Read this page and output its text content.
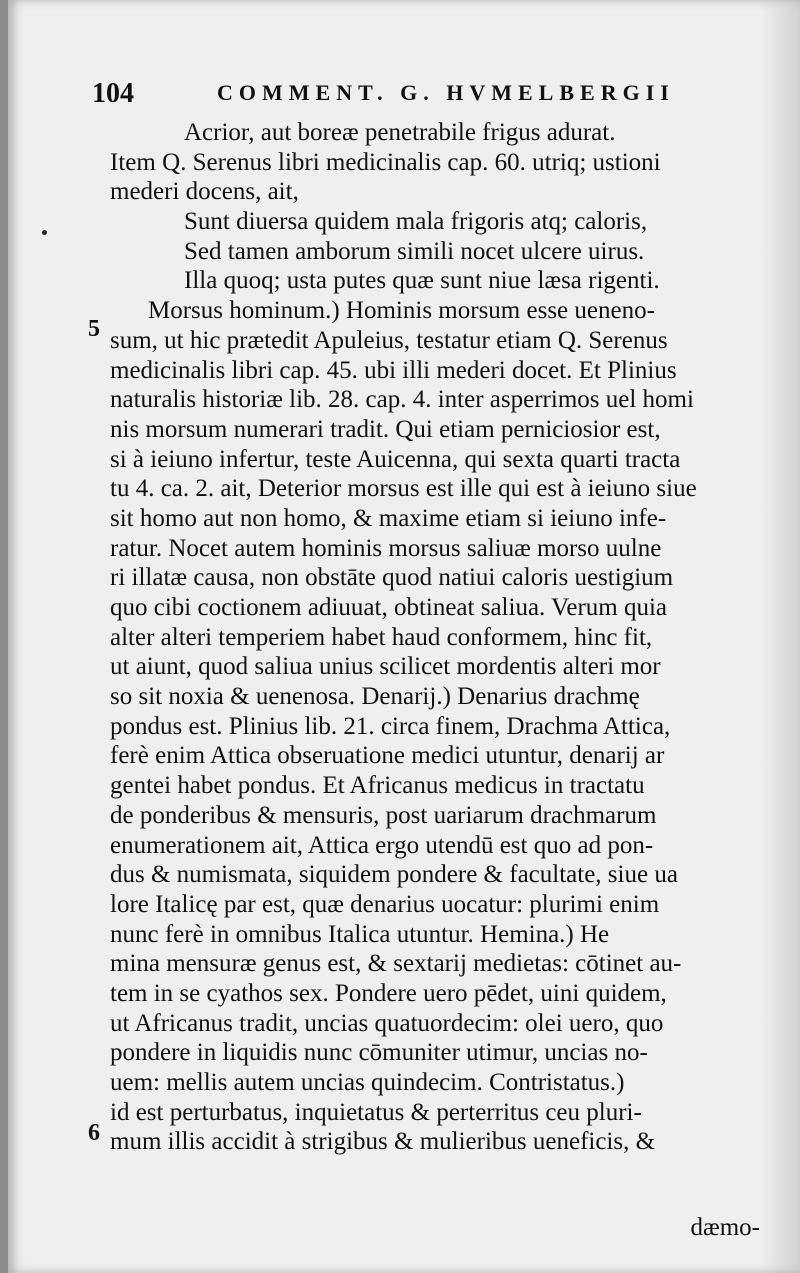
104	COMMENT. G. HVMELBERGII
5
6
Acrior, aut boreæ penetrabile frigus adurat.
Item Q. Serenus libri medicinalis cap. 60. utriq; ustioni
mederi docens, ait,
Sunt diuersa quidem mala frigoris atq; caloris,
Sed tamen amborum simili nocet ulcere uirus.
Illa quoq; usta putes quæ sunt niue læsa rigenti.
Morsus hominum.) Hominis morsum esse ueneno-
sum, ut hic prætedit Apuleius, testatur etiam Q. Serenus
medicinalis libri cap. 45. ubi illi mederi docet. Et Plinius
naturalis historiæ lib. 28. cap. 4. inter asperrimos uel homi
nis morsum numerari tradit. Qui etiam perniciosior est,
si à ieiuno infertur, teste Auicenna, qui sexta quarti tracta
tu 4. ca. 2. ait, Deterior morsus est ille qui est à ieiuno siue
sit homo aut non homo, & maxime etiam si ieiuno infe-
ratur. Nocet autem hominis morsus saliuæ morso uulne
ri illatæ causa, non obstāte quod natiui caloris uestigium
quo cibi coctionem adiuuat, obtineat saliua. Verum quia
alter alteri temperiem habet haud conformem, hinc fit,
ut aiunt, quod saliua unius scilicet mordentis alteri mor
so sit noxia & uenenosa. Denarij.) Denarius drachmę
pondus est. Plinius lib. 21. circa finem, Drachma Attica,
ferè enim Attica obseruatione medici utuntur, denarij ar
gentei habet pondus. Et Africanus medicus in tractatu
de ponderibus & mensuris, post uariarum drachmarum
enumerationem ait, Attica ergo utendū est quo ad pon-
dus & numismata, siquidem pondere & facultate, siue ua
lore Italicę par est, quæ denarius uocatur: plurimi enim
nunc ferè in omnibus Italica utuntur. Hemina.) He
mina mensuræ genus est, & sextarij medietas: cōtinet au-
tem in se cyathos sex. Pondere uero pēdet, uini quidem,
ut Africanus tradit, uncias quatuordecim: olei uero, quo
pondere in liquidis nunc cōmuniter utimur, uncias no-
uem: mellis autem uncias quindecim. Contristatus.)
id est perturbatus, inquietatus & perterritus ceu pluri-
mum illis accidit à strigibus & mulieribus ueneficis, &
dæmo-
